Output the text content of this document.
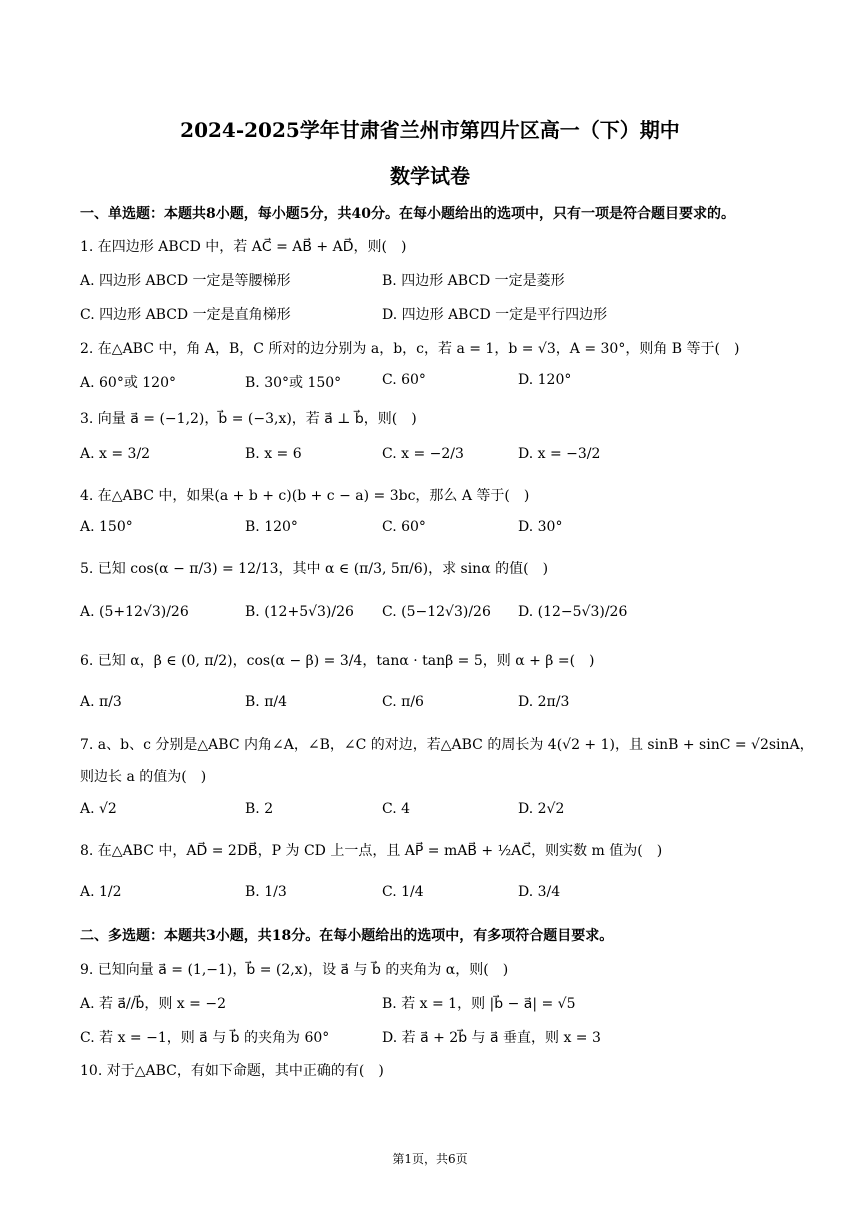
2024-2025学年甘肃省兰州市第四片区高一（下）期中
数学试卷
一、单选题：本题共8小题，每小题5分，共40分。在每小题给出的选项中，只有一项是符合题目要求的。
1. 在四边形 ABCD 中，若 AC⃗ = AB⃗ + AD⃗，则(　)
A. 四边形 ABCD 一定是等腰梯形	B. 四边形 ABCD 一定是菱形
C. 四边形 ABCD 一定是直角梯形	D. 四边形 ABCD 一定是平行四边形
2. 在△ABC 中，角 A，B，C 所对的边分别为 a，b，c，若 a = 1，b = √3，A = 30°，则角 B 等于(　)
A. 60°或 120°	B. 30°或 150°	C. 60°	D. 120°
3. 向量 a⃗ = (−1,2)，b⃗ = (−3,x)，若 a⃗ ⊥ b⃗，则(　)
A. x = 3/2	B. x = 6	C. x = −2/3	D. x = −3/2
4. 在△ABC 中，如果(a + b + c)(b + c − a) = 3bc，那么 A 等于(　)
A. 150°	B. 120°	C. 60°	D. 30°
5. 已知 cos(α − π/3) = 12/13，其中 α ∈ (π/3, 5π/6)，求 sinα 的值(　)
A. (5+12√3)/26	B. (12+5√3)/26 C. (5−12√3)/26 D. (12−5√3)/26
6. 已知 α，β ∈ (0, π/2)，cos(α − β) = 3/4，tanα · tanβ = 5，则 α + β =(　)
A. π/3	B. π/4	C. π/6	D. 2π/3
7. a、b、c 分别是△ABC 内角∠A，∠B，∠C 的对边，若△ABC 的周长为 4(√2 + 1)，且 sinB + sinC = √2sinA，
则边长 a 的值为(　)
A. √2	B. 2	C. 4	D. 2√2
8. 在△ABC 中，AD⃗ = 2DB⃗，P 为 CD 上一点，且 AP⃗ = mAB⃗ + ½AC⃗，则实数 m 值为(　)
A. 1/2	B. 1/3	C. 1/4	D. 3/4
二、多选题：本题共3小题，共18分。在每小题给出的选项中，有多项符合题目要求。
9. 已知向量 a⃗ = (1,−1)，b⃗ = (2,x)，设 a⃗ 与 b⃗ 的夹角为 α，则(　)
A. 若 a⃗//b⃗，则 x = −2	B. 若 x = 1，则 |b⃗ − a⃗| = √5
C. 若 x = −1，则 a⃗ 与 b⃗ 的夹角为 60°	D. 若 a⃗ + 2b⃗ 与 a⃗ 垂直，则 x = 3
10. 对于△ABC，有如下命题，其中正确的有(　)
第1页，共6页
